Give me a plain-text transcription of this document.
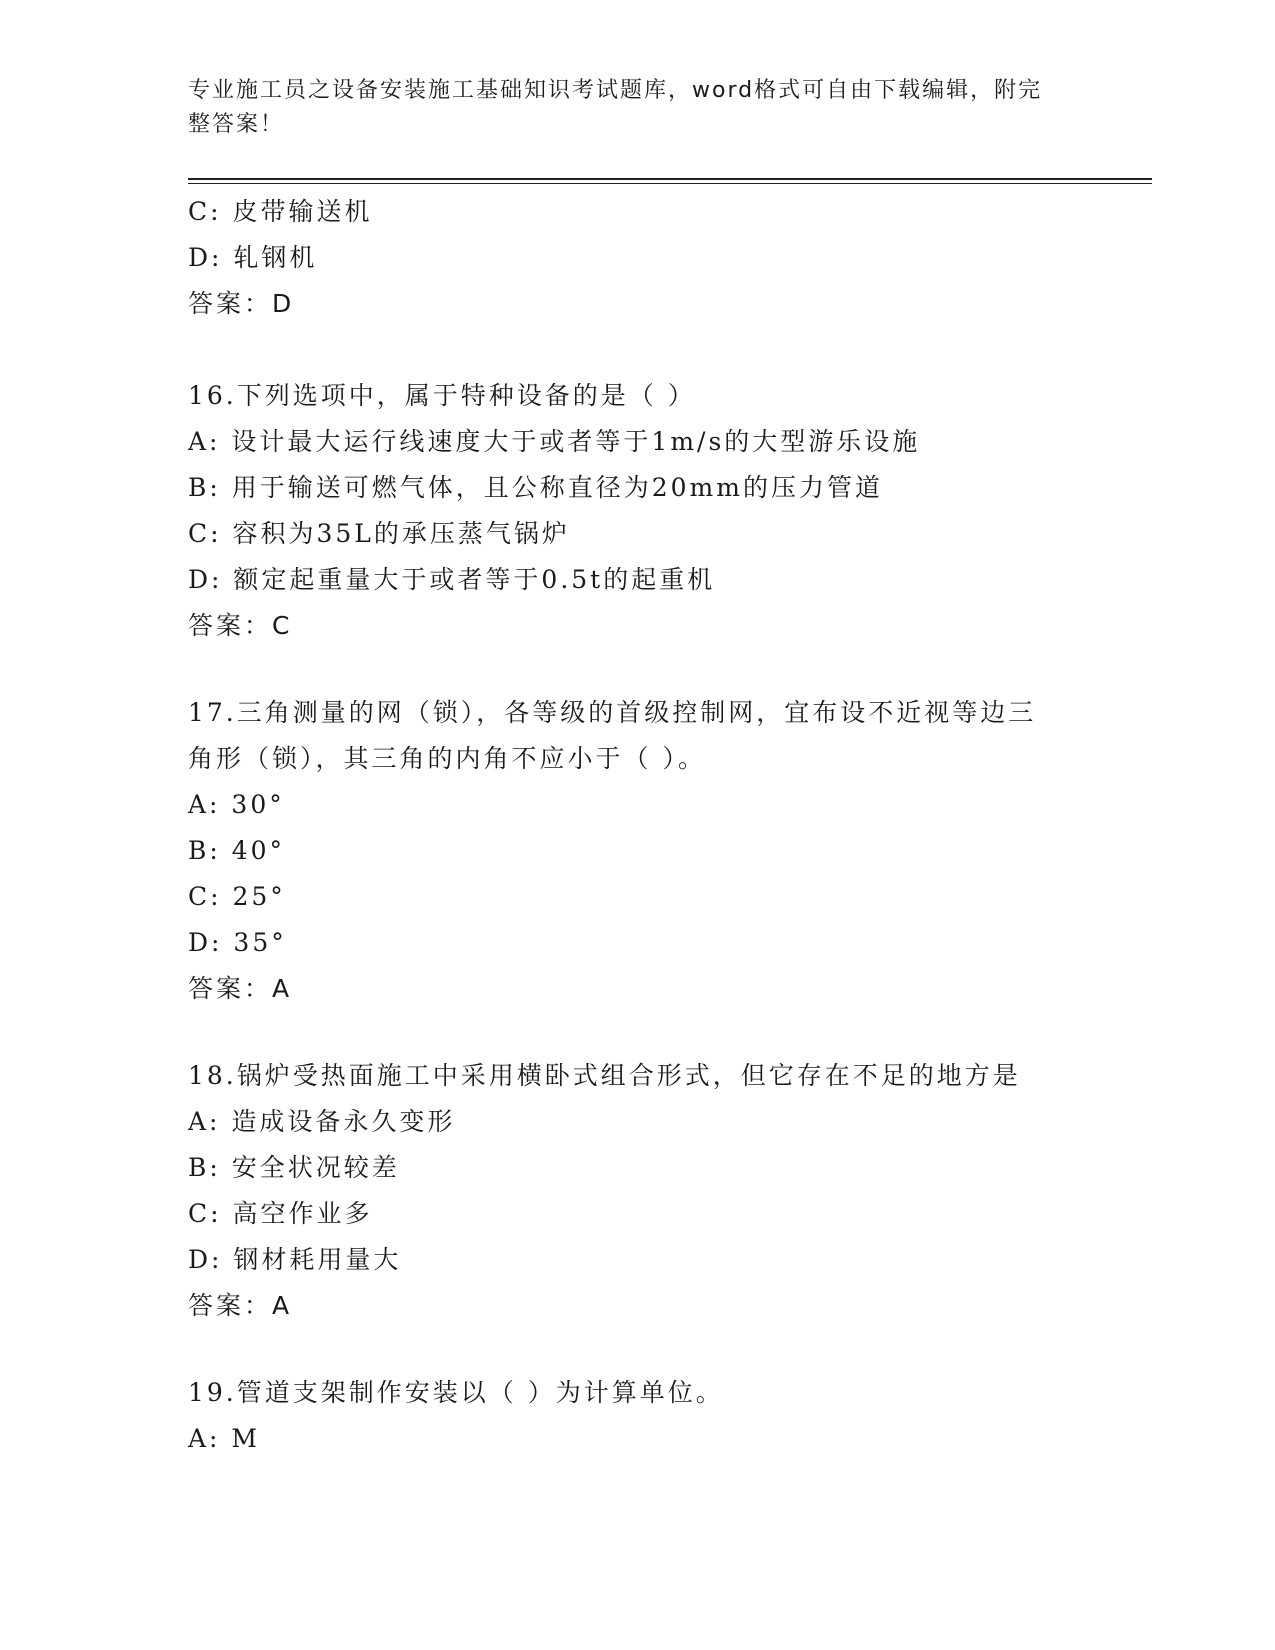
专业施工员之设备安装施工基础知识考试题库，word格式可自由下载编辑，附完
整答案！
C: 皮带输送机
D: 轧钢机
答案：D
16.下列选项中，属于特种设备的是（ ）
A: 设计最大运行线速度大于或者等于1m/s的大型游乐设施
B: 用于输送可燃气体，且公称直径为20mm的压力管道
C: 容积为35L的承压蒸气锅炉
D: 额定起重量大于或者等于0.5t的起重机
答案：C
17.三角测量的网（锁），各等级的首级控制网，宜布设不近视等边三
角形（锁），其三角的内角不应小于（ ）。
A: 30°
B: 40°
C: 25°
D: 35°
答案：A
18.锅炉受热面施工中采用横卧式组合形式，但它存在不足的地方是
A: 造成设备永久变形
B: 安全状况较差
C: 高空作业多
D: 钢材耗用量大
答案：A
19.管道支架制作安装以（ ）为计算单位。
A: M
